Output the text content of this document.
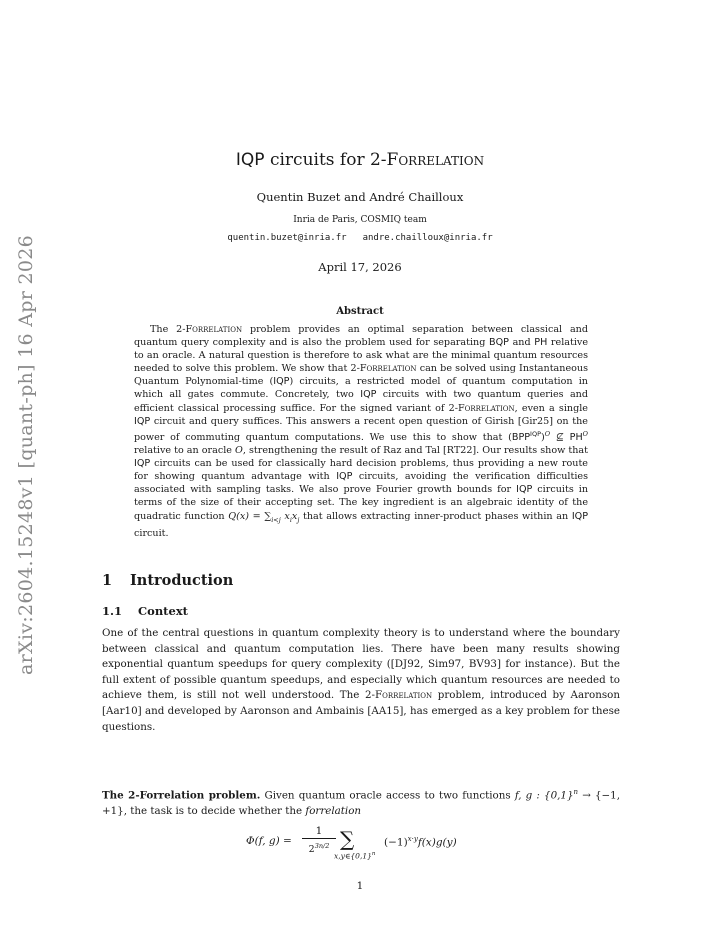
arXiv:2604.15248v1 [quant-ph] 16 Apr 2026
IQP circuits for 2-Forrelation
Quentin Buzet and André Chailloux
Inria de Paris, COSMIQ team
quentin.buzet@inria.fr andre.chailloux@inria.fr
April 17, 2026
Abstract
The 2-Forrelation problem provides an optimal separation between classical and quantum query complexity and is also the problem used for separating BQP and PH relative to an oracle. A natural question is therefore to ask what are the minimal quantum resources needed to solve this problem. We show that 2-Forrelation can be solved using Instantaneous Quantum Polynomial-time (IQP) circuits, a restricted model of quantum computation in which all gates commute. Concretely, two IQP circuits with two quantum queries and efficient classical processing suffice. For the signed variant of 2-Forrelation, even a single IQP circuit and query suffices. This answers a recent open question of Girish [Gir25] on the power of commuting quantum computations. We use this to show that $(BPP^{IQP})^O$ ⊈ $PH^O$ relative to an oracle O, strengthening the result of Raz and Tal [RT22]. Our results show that IQP circuits can be used for classically hard decision problems, thus providing a new route for showing quantum advantage with IQP circuits, avoiding the verification difficulties associated with sampling tasks. We also prove Fourier growth bounds for IQP circuits in terms of the size of their accepting set. The key ingredient is an algebraic identity of the quadratic function $Q(x) = \sum_{i<j}$ $x_ix_j$ that allows extracting inner-product phases within an IQP circuit.
1 Introduction
1.1 Context
One of the central questions in quantum complexity theory is to understand where the boundary between classical and quantum computation lies. There have been many results showing exponential quantum speedups for query complexity ([DJ92, Sim97, BV93] for instance). But the full extent of possible quantum speedups, and especially which quantum resources are needed to achieve them, is still not well understood. The 2-Forrelation problem, introduced by Aaronson [Aar10] and developed by Aaronson and Ambainis [AA15], has emerged as a key problem for these questions.
The 2-Forrelation problem. Given quantum oracle access to two functions f, g : $\{0,1\}^n \to \{-1$, +1}, the task is to decide whether the forrelation
Φ(f, $g) = \frac{1}{2^{3n/2}}$ ∑
$x,y\in\{0,1\}^n$
$(-1)^{x\cdot y}f(x)g(y)$
1
